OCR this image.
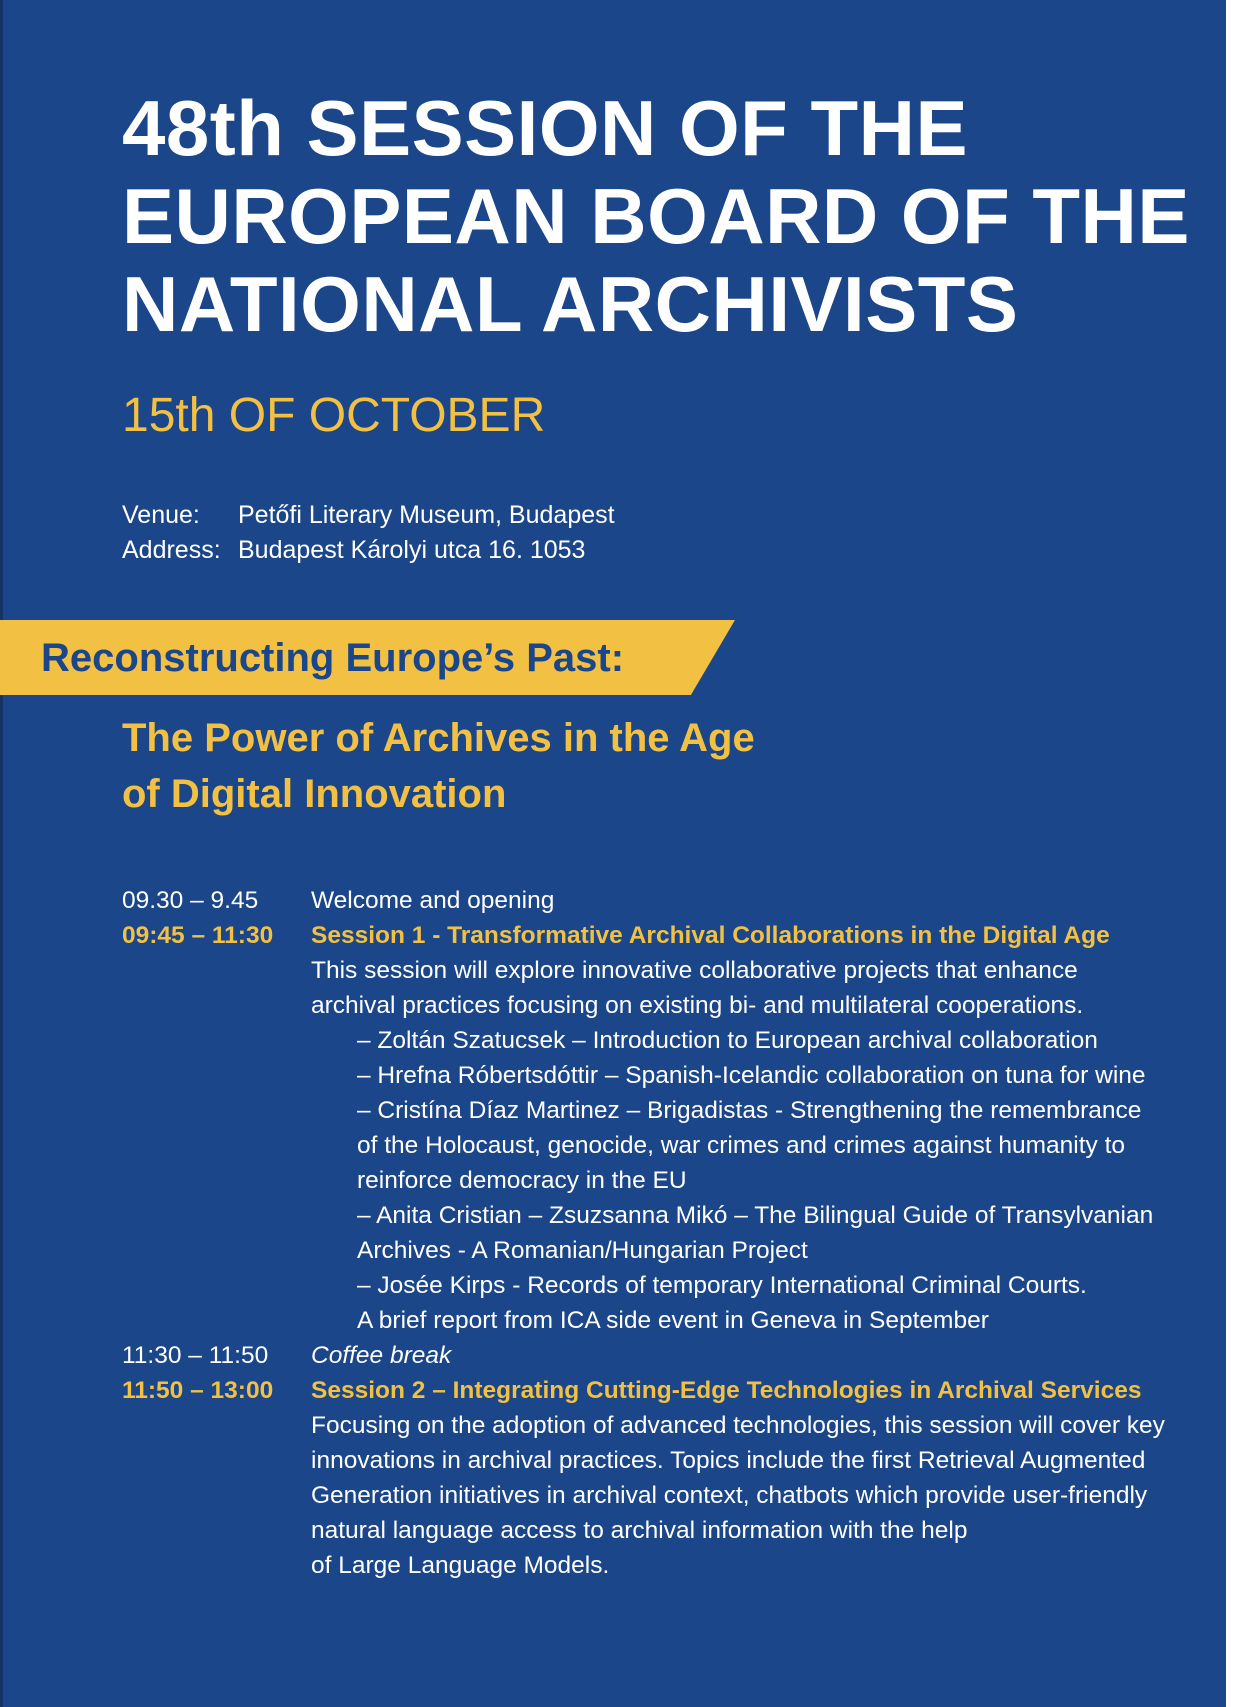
48th SESSION OF THE
EUROPEAN BOARD OF THE
NATIONAL ARCHIVISTS
15th OF OCTOBER
Venue:	Petőfi Literary Museum, Budapest
Address: Budapest Károlyi utca 16. 1053
Reconstructing Europe’s Past:
The Power of Archives in the Age
of Digital Innovation
09.30 – 9.45	Welcome and opening
09:45 – 11:30	Session 1 - Transformative Archival Collaborations in the Digital Age
This session will explore innovative collaborative projects that enhance
archival practices focusing on existing bi- and multilateral cooperations.
– Zoltán Szatucsek – Introduction to European archival collaboration
– Hrefna Róbertsdóttir – Spanish-Icelandic collaboration on tuna for wine
– Cristína Díaz Martinez – Brigadistas - Strengthening the remembrance
of the Holocaust, genocide, war crimes and crimes against humanity to
reinforce democracy in the EU
– Anita Cristian – Zsuzsanna Mikó – The Bilingual Guide of Transylvanian
Archives - A Romanian/Hungarian Project
– Josée Kirps - Records of temporary International Criminal Courts.
A brief report from ICA side event in Geneva in September
11:30 – 11:50	Coffee break
11:50 – 13:00	Session 2 – Integrating Cutting-Edge Technologies in Archival Services
Focusing on the adoption of advanced technologies, this session will cover key
innovations in archival practices. Topics include the first Retrieval Augmented
Generation initiatives in archival context, chatbots which provide user-friendly
natural language access to archival information with the help
of Large Language Models.
